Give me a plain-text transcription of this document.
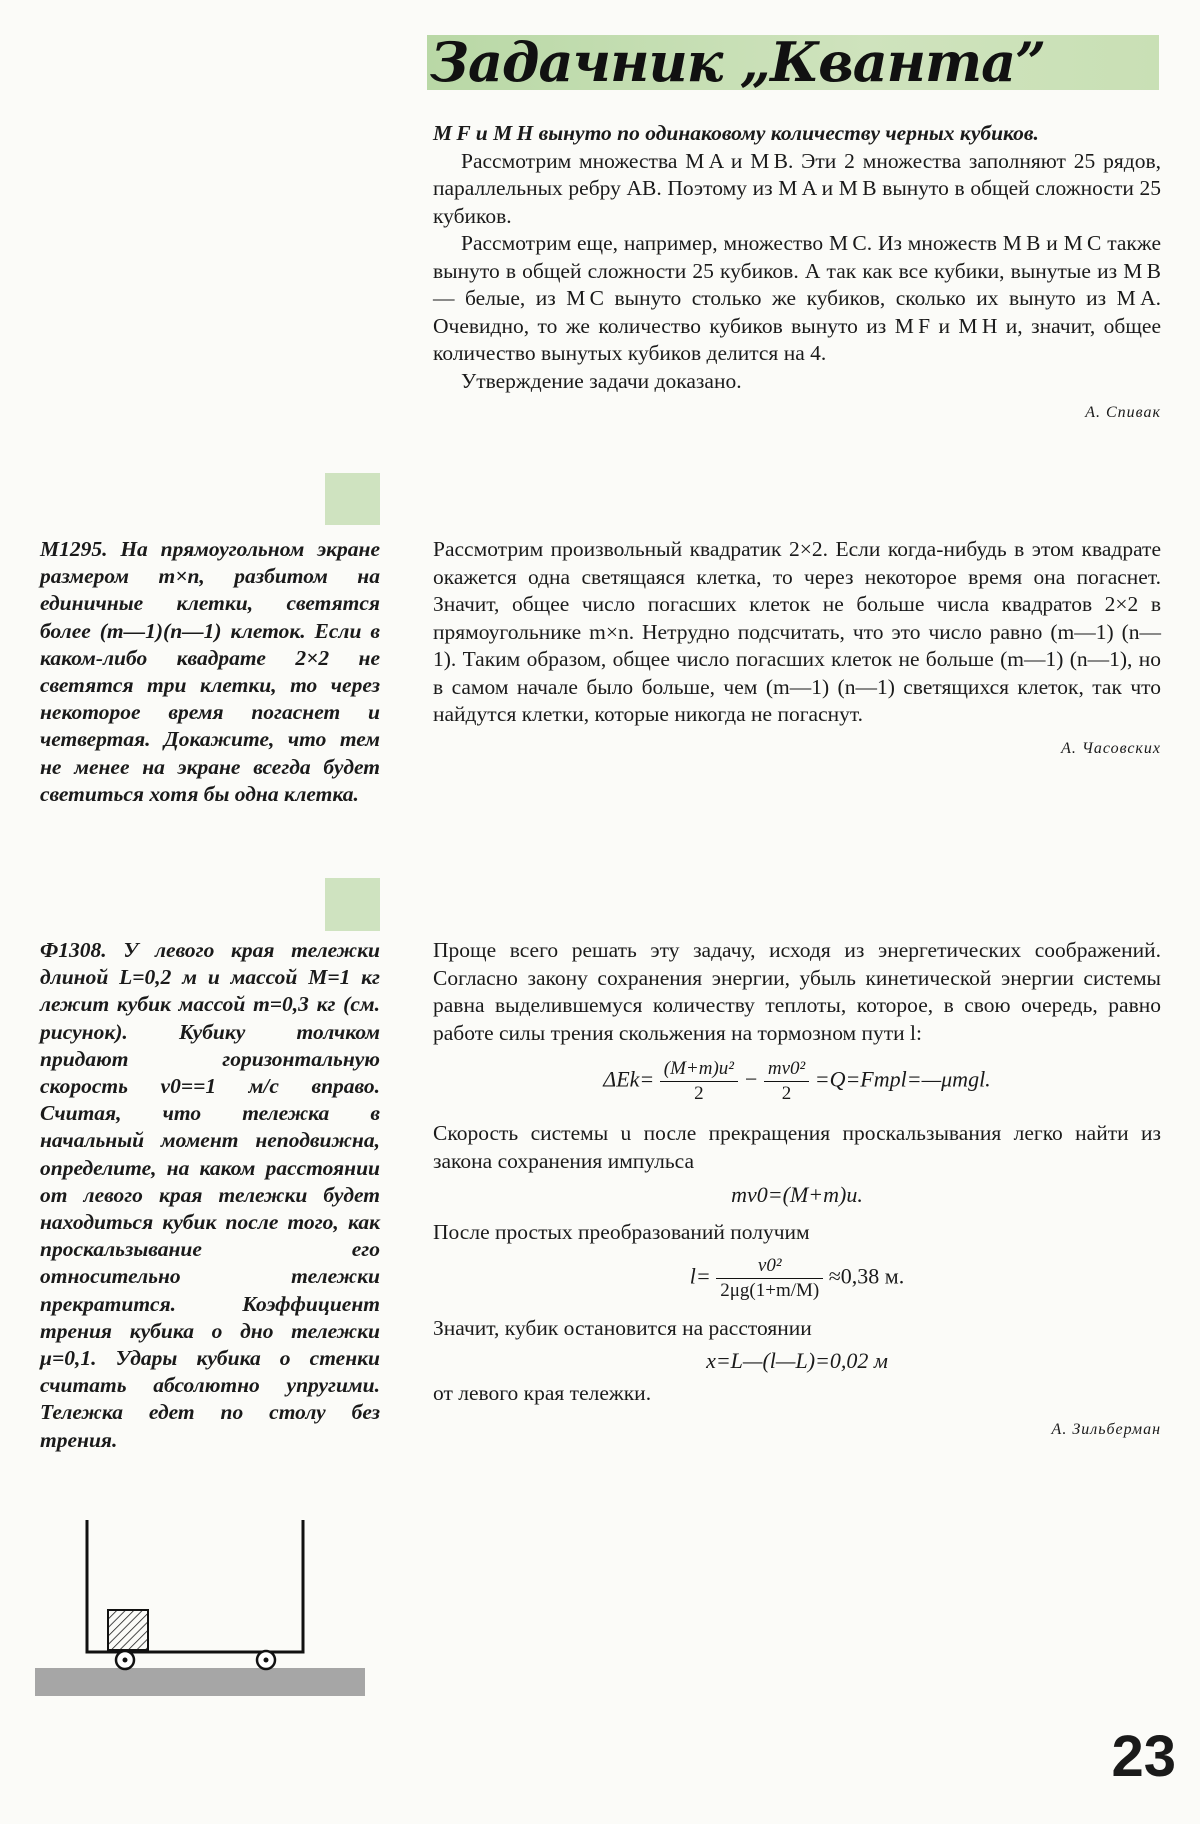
Задачник „Кванта”

M F и M H вынуто по одинаковому количеству черных кубиков.

Рассмотрим множества M A и M B. Эти 2 множества заполняют 25 рядов, параллельных ребру AB. Поэтому из M A и M B вынуто в общей сложности 25 кубиков.

Рассмотрим еще, например, множество M C. Из множеств M B и M C также вынуто в общей сложности 25 кубиков. А так как все кубики, вынутые из M B — белые, из M C вынуто столько же кубиков, сколько их вынуто из M A. Очевидно, то же количество кубиков вынуто из M F и M H и, значит, общее количество вынутых кубиков делится на 4.

Утверждение задачи доказано.

А. Спивак

М1295. На прямоугольном экране размером m×n, разбитом на единичные клетки, светятся более (m—1)(n—1) клеток. Если в каком-либо квадрате 2×2 не светятся три клетки, то через некоторое время погаснет и четвертая. Докажите, что тем не менее на экране всегда будет светиться хотя бы одна клетка.

Рассмотрим произвольный квадратик 2×2. Если когда-нибудь в этом квадрате окажется одна светящаяся клетка, то через некоторое время она погаснет. Значит, общее число погасших клеток не больше числа квадратов 2×2 в прямоугольнике m×n. Нетрудно подсчитать, что это число равно (m—1) (n—1). Таким образом, общее число погасших клеток не больше (m—1) (n—1), но в самом начале было больше, чем (m—1) (n—1) светящихся клеток, так что найдутся клетки, которые никогда не погаснут.

А. Часовских

Ф1308. У левого края тележки длиной L=0,2 м и массой M=1 кг лежит кубик массой m=0,3 кг (см. рисунок). Кубику толчком придают горизонтальную скорость v0==1 м/с вправо. Считая, что тележка в начальный момент неподвижна, определите, на каком расстоянии от левого края тележки будет находиться кубик после того, как проскальзывание его относительно тележки прекратится. Коэффициент трения кубика о дно тележки μ=0,1. Удары кубика о стенки считать абсолютно упругими. Тележка едет по столу без трения.

Проще всего решать эту задачу, исходя из энергетических соображений. Согласно закону сохранения энергии, убыль кинетической энергии системы равна выделившемуся количеству теплоты, которое, в свою очередь, равно работе силы трения скольжения на тормозном пути l:

$\Delta Ek= \frac{\text{(M+m)u²}}{2} - \frac{\text{mv0²}}{2}$ =Q=Fтрl=—μmgl.

Скорость системы u после прекращения проскальзывания легко найти из закона сохранения импульса

mv0=(M+m)u.

После простых преобразований получим

$l= \frac{\text{v0²}}{2\mu g(1+m/M)} \approx 0,38$ м.

Значит, кубик остановится на расстоянии

x=L—(l—L)=0,02 м

от левого края тележки.

А. Зильберман

23
